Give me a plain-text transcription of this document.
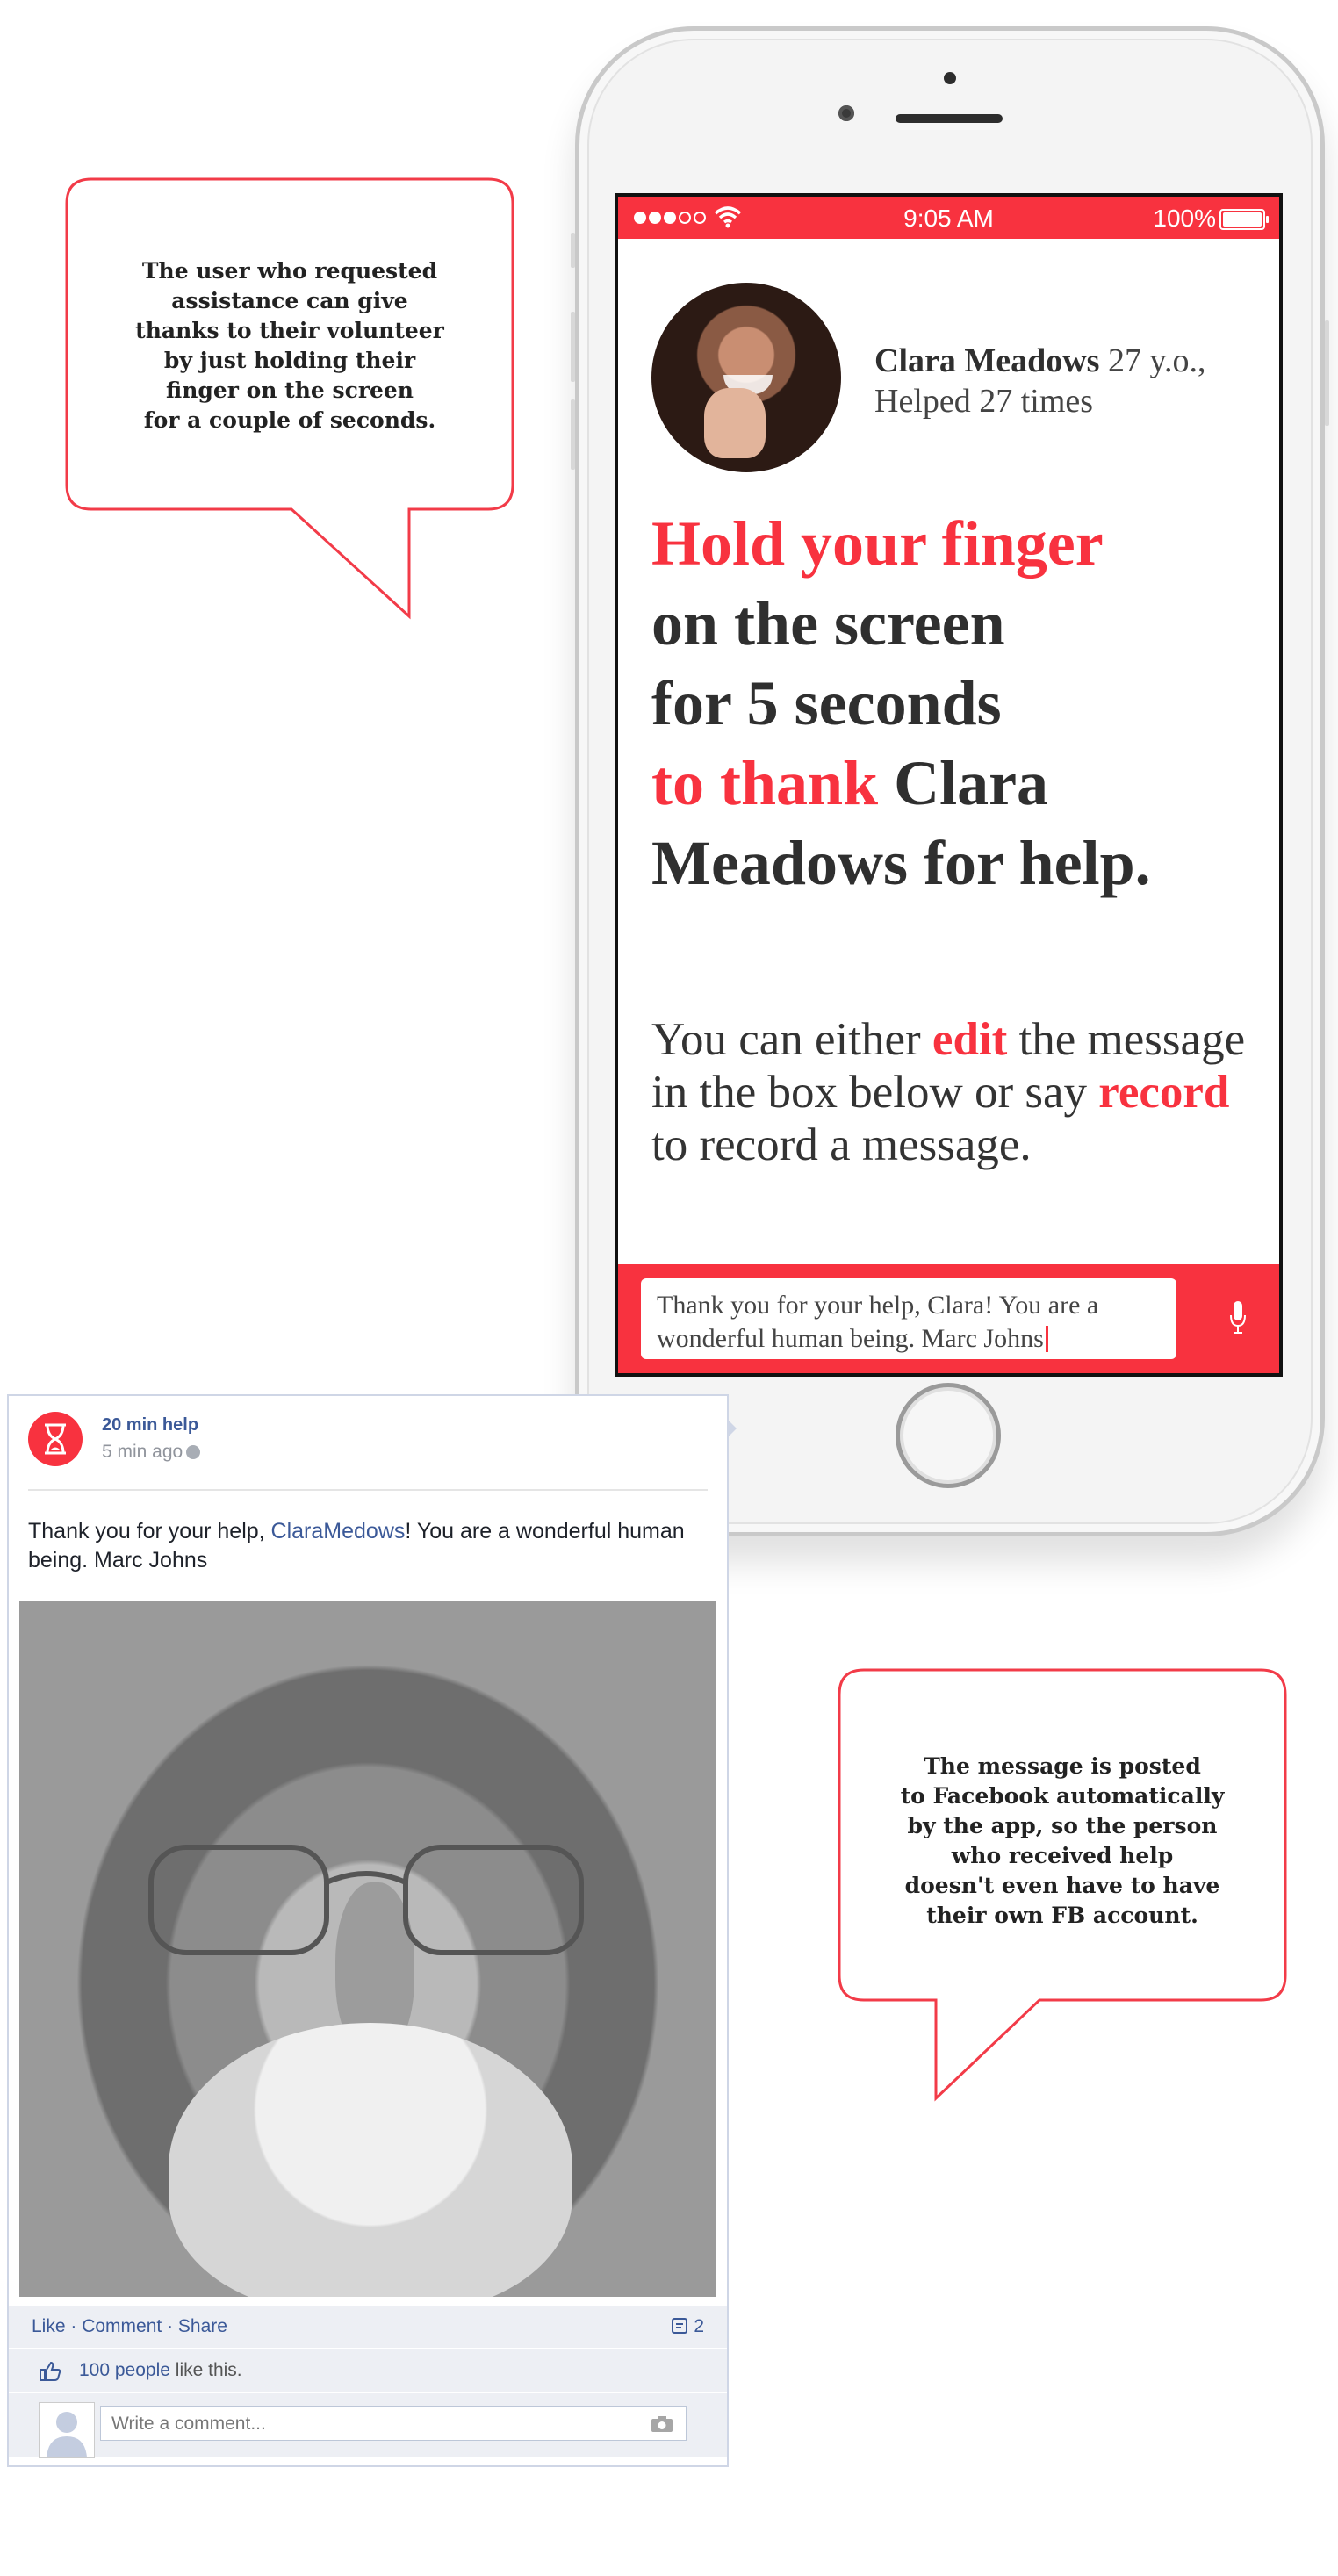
The user who requested
assistance can give
thanks to their volunteer
by just holding their
finger on the screen
for a couple of seconds.
9:05 AM	100%
Clara Meadows 27 y.o.,
Helped 27 times
Hold your finger
on the screen
for 5 seconds
to thank Clara
Meadows for help.
You can either edit the message in the box below or say record to record a message.
Thank you for your help, Clara! You are a wonderful human being. Marc Johns
20 min help
5 min ago
Thank you for your help, ClaraMedows! You are a wonderful human being. Marc Johns
Like · Comment · Share	2
100 people like this.
Write a comment...
The message is posted
to Facebook automatically
by the app, so the person
who received help
doesn't even have to have
their own FB account.
